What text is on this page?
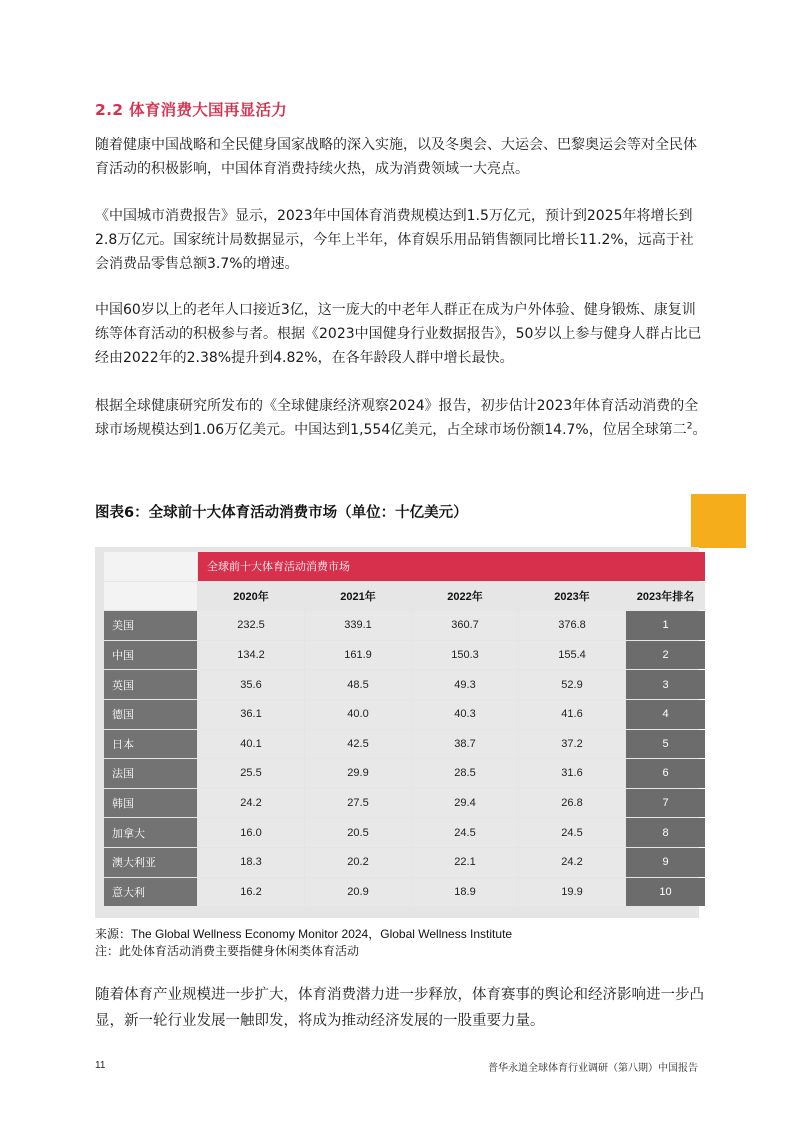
2.2 体育消费大国再显活力

随着健康中国战略和全民健身国家战略的深入实施，以及冬奥会、大运会、巴黎奥运会等对全民体育活动的积极影响，中国体育消费持续火热，成为消费领域一大亮点。

《中国城市消费报告》显示，2023年中国体育消费规模达到1.5万亿元，预计到2025年将增长到2.8万亿元。国家统计局数据显示，今年上半年，体育娱乐用品销售额同比增长11.2%，远高于社会消费品零售总额3.7%的增速。

中国60岁以上的老年人口接近3亿，这一庞大的中老年人群正在成为户外体验、健身锻炼、康复训练等体育活动的积极参与者。根据《2023中国健身行业数据报告》，50岁以上参与健身人群占比已经由2022年的2.38%提升到4.82%，在各年龄段人群中增长最快。

根据全球健康研究所发布的《全球健康经济观察2024》报告，初步估计2023年体育活动消费的全球市场规模达到1.06万亿美元。中国达到1,554亿美元，占全球市场份额14.7%，位居全球第二$^2$。

图表6：全球前十大体育活动消费市场（单位：十亿美元）
	全球前十大体育活动消费市场				
	2020年	2021年	2022年	2023年	2023年排名
美国	232.5	339.1	360.7	376.8	1
中国	134.2	161.9	150.3	155.4	2
英国	35.6	48.5	49.3	52.9	3
德国	36.1	40.0	40.3	41.6	4
日本	40.1	42.5	38.7	37.2	5
法国	25.5	29.9	28.5	31.6	6
韩国	24.2	27.5	29.4	26.8	7
加拿大	16.0	20.5	24.5	24.5	8
澳大利亚	18.3	20.2	22.1	24.2	9
意大利	16.2	20.9	18.9	19.9	10
来源：The Global Wellness Economy Monitor 2024，Global Wellness Institute
注：此处体育活动消费主要指健身休闲类体育活动

随着体育产业规模进一步扩大，体育消费潜力进一步释放，体育赛事的舆论和经济影响进一步凸显，新一轮行业发展一触即发，将成为推动经济发展的一股重要力量。

11	普华永道全球体育行业调研（第八期）中国报告
